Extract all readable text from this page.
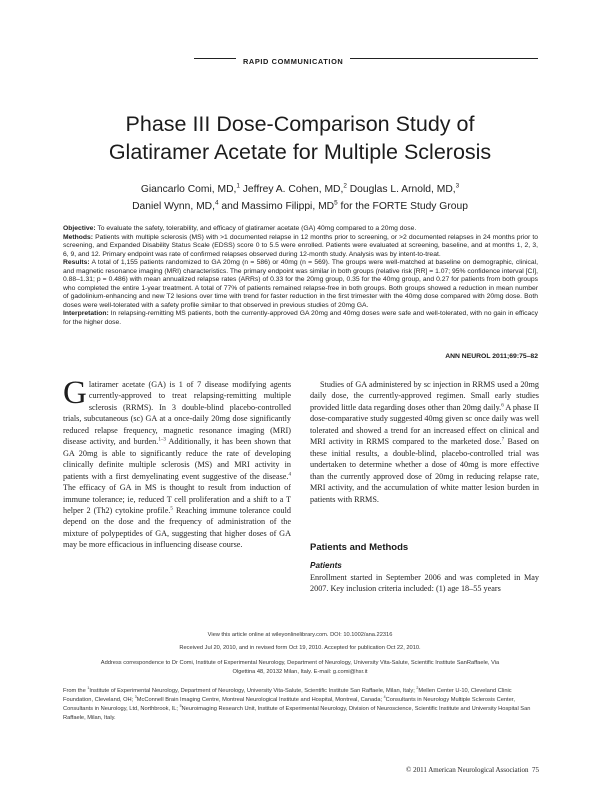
RAPID COMMUNICATION
Phase III Dose-Comparison Study of
Glatiramer Acetate for Multiple Sclerosis
Giancarlo Comi, MD,$^1$ Jeffrey A. Cohen, MD,$^2$ Douglas L. Arnold, MD,$^3$
Daniel Wynn, MD,$^4$ and Massimo Filippi, $MD^5$ for the FORTE Study Group

Objective: To evaluate the safety, tolerability, and efficacy of glatiramer acetate (GA) 40mg compared to a 20mg dose.

Methods: Patients with multiple sclerosis (MS) with >1 documented relapse in 12 months prior to screening, or >2 documented relapses in 24 months prior to screening, and Expanded Disability Status Scale (EDSS) score 0 to 5.5 were enrolled. Patients were evaluated at screening, baseline, and at months 1, 2, 3, 6, 9, and 12. Primary endpoint was rate of confirmed relapses observed during 12-month study. Analysis was by intent-to-treat.

Results: A total of 1,155 patients randomized to GA 20mg (n = 586) or 40mg (n = 569). The groups were well-matched at baseline on demographic, clinical, and magnetic resonance imaging (MRI) characteristics. The primary endpoint was similar in both groups (relative risk [RR] = 1.07; 95% confidence interval [CI], 0.88–1.31; p = 0.486) with mean annualized relapse rates (ARRs) of 0.33 for the 20mg group, 0.35 for the 40mg group, and 0.27 for patients from both groups who completed the entire 1-year treatment. A total of 77% of patients remained relapse-free in both groups. Both groups showed a reduction in mean number of gadolinium-enhancing and new T2 lesions over time with trend for faster reduction in the first trimester with the 40mg dose compared with 20mg dose. Both doses were well-tolerated with a safety profile similar to that observed in previous studies of 20mg GA.

Interpretation: In relapsing-remitting MS patients, both the currently-approved GA 20mg and 40mg doses were safe and well-tolerated, with no gain in efficacy for the higher dose.

ANN NEUROL 2011;69:75–82

Glatiramer acetate (GA) is 1 of 7 disease modifying agents currently-approved to treat relapsing-remitting multiple sclerosis (RRMS). In 3 double-blind placebo-controlled trials, subcutaneous (sc) GA at a once-daily 20mg dose significantly reduced relapse frequency, magnetic resonance imaging (MRI) disease activity, and burden.$^{1-3}$ Additionally, it has been shown that GA 20mg is able to significantly reduce the rate of developing clinically definite multiple sclerosis (MS) and MRI activity in patients with a first demyelinating event suggestive of the disease.$^4$ The efficacy of GA in MS is thought to result from induction of immune tolerance; ie, reduced T cell proliferation and a shift to a T helper 2 (Th2) cytokine profile.$^5$ Reaching immune tolerance could depend on the dose and the frequency of administration of the mixture of polypeptides of GA, suggesting that higher doses of GA may be more efficacious in influencing disease course.

Studies of GA administered by sc injection in RRMS used a 20mg daily dose, the currently-approved regimen. Small early studies provided little data regarding doses other than 20mg daily.$^6$ A phase II dose-comparative study suggested 40mg given sc once daily was well tolerated and showed a trend for an increased effect on clinical and MRI activity in RRMS compared to the marketed dose.$^7$ Based on these initial results, a double-blind, placebo-controlled trial was undertaken to determine whether a dose of 40mg is more effective than the currently approved dose of 20mg in reducing relapse rate, MRI activity, and the accumulation of white matter lesion burden in patients with RRMS.

Patients and Methods
Patients

Enrollment started in September 2006 and was completed in May 2007. Key inclusion criteria included: (1) age 18–55 years

View this article online at wileyonlinelibrary.com. DOI: 10.1002/ana.22316
Received Jul 20, 2010, and in revised form Oct 19, 2010. Accepted for publication Oct 22, 2010.
Address correspondence to Dr Comi, Institute of Experimental Neurology, Department of Neurology, University Vita-Salute, Scientific Institute SanRaffaele, Via Olgettina 48, 20132 Milan, Italy. E-mail: g.comi@hsr.it
From the $^1$Institute of Experimental Neurology, Department of Neurology, University Vita-Salute, Scientific Institute San Raffaele, Milan, Italy; $^2$Mellen Center U-10, Cleveland Clinic Foundation, Cleveland, OH; $^3$McConnell Brain Imaging Centre, Montreal Neurological Institute and Hospital, Montreal, Canada; $^4$Consultants in Neurology Multiple Sclerosis Center, Consultants in Neurology, Ltd, Northbrook, IL; $^5$Neuroimaging Research Unit, Institute of Experimental Neurology, Division of Neuroscience, Scientific Institute and University Hospital San Raffaele, Milan, Italy.
© 2011 American Neurological Association 75
